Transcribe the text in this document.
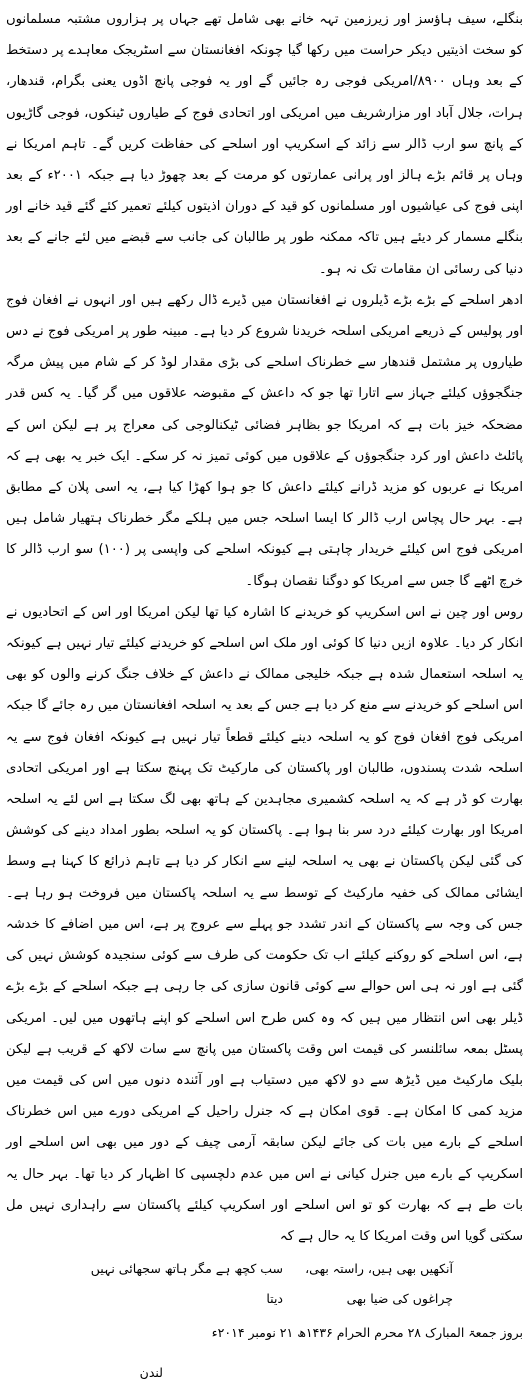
بنگلے، سیف ہاؤسز اور زیرزمین تہہ خانے بھی شامل تھے جہاں پر ہزاروں مشتبہ مسلمانوں کو سخت اذیتیں دیکر حراست میں رکھا گیا چونکہ افغانستان سے اسٹریجک معاہدے پر دستخط کے بعد وہاں ۸۹۰۰/امریکی فوجی رہ جائیں گے اور یہ فوجی پانچ اڈوں یعنی بگرام، قندھار، ہرات، جلال آباد اور مزارشریف میں امریکی اور اتحادی فوج کے طیاروں ٹینکوں، فوجی گاڑیوں کے پانچ سو ارب ڈالر سے زائد کے اسکریپ اور اسلحے کی حفاظت کریں گے۔ تاہم امریکا نے وہاں پر قائم بڑے ہالز اور پرانی عمارتوں کو مرمت کے بعد چھوڑ دیا ہے جبکہ ۲۰۰۱ء کے بعد اپنی فوج کی عیاشیوں اور مسلمانوں کو قید کے دوران اذیتوں کیلئے تعمیر کئے گئے قید خانے اور بنگلے مسمار کر دیئے ہیں تاکہ ممکنہ طور پر طالبان کی جانب سے قبضے میں لئے جانے کے بعد دنیا کی رسائی ان مقامات تک نہ ہو۔

ادھر اسلحے کے بڑے بڑے ڈیلروں نے افغانستان میں ڈیرے ڈال رکھے ہیں اور انہوں نے افغان فوج اور پولیس کے ذریعے امریکی اسلحہ خریدنا شروع کر دیا ہے۔ مبینہ طور پر امریکی فوج نے دس طیاروں پر مشتمل قندھار سے خطرناک اسلحے کی بڑی مقدار لوڈ کر کے شام میں پیش مرگہ جنگجوؤں کیلئے جہاز سے اتارا تھا جو کہ داعش کے مقبوضہ علاقوں میں گر گیا۔ یہ کس قدر مضحکہ خیز بات ہے کہ امریکا جو بظاہر فضائی ٹیکنالوجی کی معراج پر ہے لیکن اس کے پائلٹ داعش اور کرد جنگجوؤں کے علاقوں میں کوئی تمیز نہ کر سکے۔ ایک خبر یہ بھی ہے کہ امریکا نے عربوں کو مزید ڈرانے کیلئے داعش کا جو ہوا کھڑا کیا ہے، یہ اسی پلان کے مطابق ہے۔ بہر حال پچاس ارب ڈالر کا ایسا اسلحہ جس میں ہلکے مگر خطرناک ہتھیار شامل ہیں امریکی فوج اس کیلئے خریدار چاہتی ہے کیونکہ اسلحے کی واپسی پر (۱۰۰) سو ارب ڈالر کا خرچ اٹھے گا جس سے امریکا کو دوگنا نقصان ہوگا۔

روس اور چین نے اس اسکریپ کو خریدنے کا اشارہ کیا تھا لیکن امریکا اور اس کے اتحادیوں نے انکار کر دیا۔ علاوہ ازیں دنیا کا کوئی اور ملک اس اسلحے کو خریدنے کیلئے تیار نہیں ہے کیونکہ یہ اسلحہ استعمال شدہ ہے جبکہ خلیجی ممالک نے داعش کے خلاف جنگ کرنے والوں کو بھی اس اسلحے کو خریدنے سے منع کر دیا ہے جس کے بعد یہ اسلحہ افغانستان میں رہ جائے گا جبکہ امریکی فوج افغان فوج کو یہ اسلحہ دینے کیلئے قطعاً تیار نہیں ہے کیونکہ افغان فوج سے یہ اسلحہ شدت پسندوں، طالبان اور پاکستان کی مارکیٹ تک پہنچ سکتا ہے اور امریکی اتحادی بھارت کو ڈر ہے کہ یہ اسلحہ کشمیری مجاہدین کے ہاتھ بھی لگ سکتا ہے اس لئے یہ اسلحہ امریکا اور بھارت کیلئے درد سر بنا ہوا ہے۔ پاکستان کو یہ اسلحہ بطور امداد دینے کی کوشش کی گئی لیکن پاکستان نے بھی یہ اسلحہ لینے سے انکار کر دیا ہے تاہم ذرائع کا کہنا ہے وسط ایشائی ممالک کی خفیہ مارکیٹ کے توسط سے یہ اسلحہ پاکستان میں فروخت ہو رہا ہے۔ جس کی وجہ سے پاکستان کے اندر تشدد جو پہلے سے عروج پر ہے، اس میں اضافے کا خدشہ ہے، اس اسلحے کو روکنے کیلئے اب تک حکومت کی طرف سے کوئی سنجیدہ کوشش نہیں کی گئی ہے اور نہ ہی اس حوالے سے کوئی قانون سازی کی جا رہی ہے جبکہ اسلحے کے بڑے بڑے ڈیلر بھی اس انتظار میں ہیں کہ وہ کس طرح اس اسلحے کو اپنے ہاتھوں میں لیں۔ امریکی پسٹل بمعہ سائلنسر کی قیمت اس وقت پاکستان میں پانچ سے سات لاکھ کے قریب ہے لیکن بلیک مارکیٹ میں ڈیڑھ سے دو لاکھ میں دستیاب ہے اور آئندہ دنوں میں اس کی قیمت میں مزید کمی کا امکان ہے۔ قوی امکان ہے کہ جنرل راحیل کے امریکی دورے میں اس خطرناک اسلحے کے بارے میں بات کی جائے لیکن سابقہ آرمی چیف کے دور میں بھی اس اسلحے اور اسکریپ کے بارے میں جنرل کیانی نے اس میں عدم دلچسپی کا اظہار کر دیا تھا۔ بہر حال یہ بات طے ہے کہ بھارت کو تو اس اسلحے اور اسکریپ کیلئے پاکستان سے راہداری نہیں مل سکتی گویا اس وقت امریکا کا یہ حال ہے کہ

آنکھیں بھی ہیں، راستہ بھی، چراغوں کی ضیا بھی
سب کچھ ہے مگر ہاتھ سجھائی نہیں دیتا
بروز جمعۃ المبارک ۲۸ محرم الحرام ۱۴۳۶ھ ۲۱ نومبر ۲۰۱۴ء
لندن
